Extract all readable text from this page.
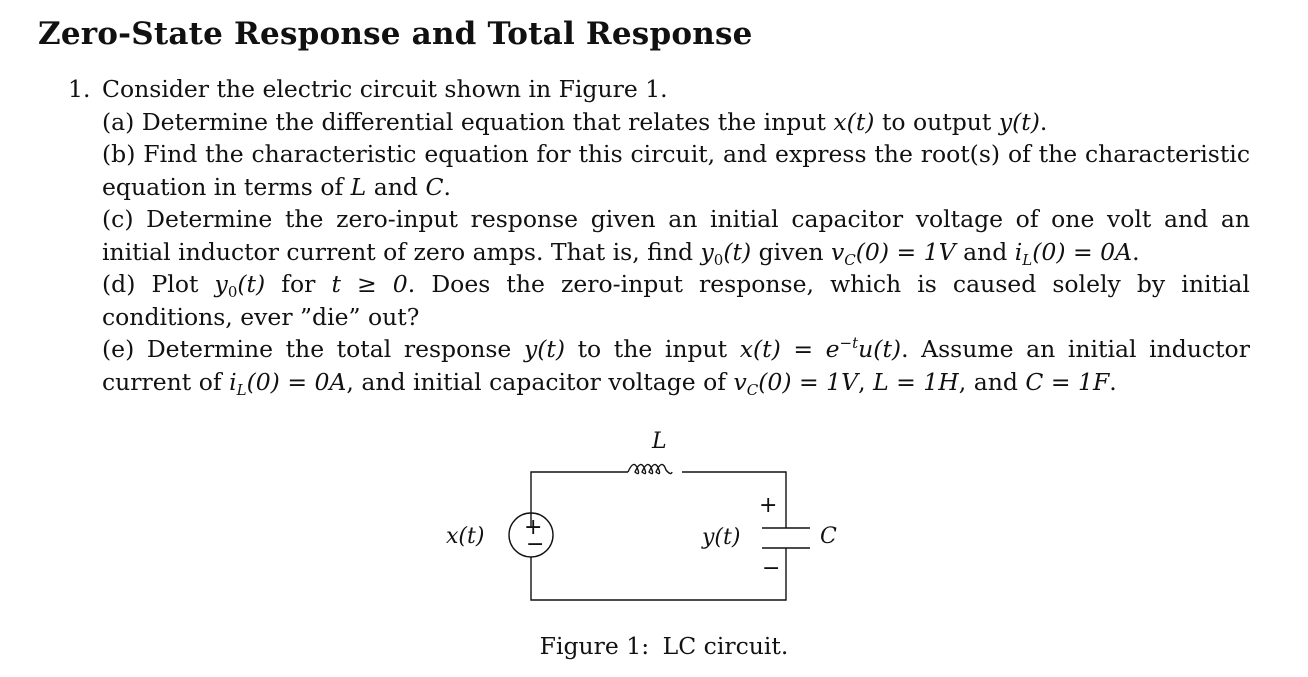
Zero-State Response and Total Response
1. Consider the electric circuit shown in Figure 1.
(a) Determine the differential equation that relates the input x(t) to output y(t).
(b) Find the characteristic equation for this circuit, and express the root(s) of the characteristic equation in terms of L and C.
(c) Determine the zero-input response given an initial capacitor voltage of one volt and an initial inductor current of zero amps. That is, find $y_0(t)$ given $v_C(0) = 1V$ and $i_L(0) = 0A$.
(d) Plot $y_0(t)$ for t ≥ 0. Does the zero-input response, which is caused solely by initial conditions, ever ”die” out?
(e) Determine the total response y(t) to the input $x(t) = e^{-t}u(t)$. Assume an initial inductor current of $i_L(0) = 0A$, and initial capacitor voltage of $v_C(0) = 1V$, L = 1H, and C = 1F.
L
x(t) +
−	y(t)
+
−
C
Figure 1: LC circuit.
